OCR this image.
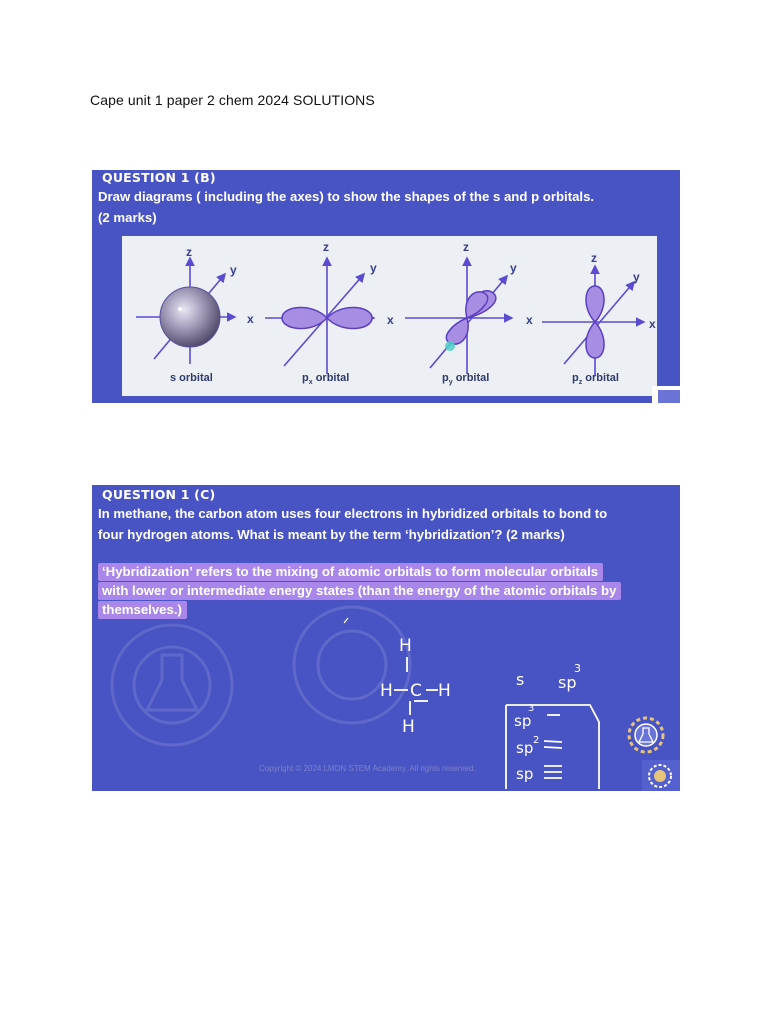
Cape unit 1 paper 2 chem 2024 SOLUTIONS
QUESTION 1 (B)
Draw diagrams ( including the axes) to show the shapes of the s and p orbitals.
(2 marks)
z
y
x
z
y
x
z
y
x
z
y
x
s orbital	$p_x$ orbital	$p_y$ orbital	$p_z$ orbital
QUESTION 1 (C)
In methane, the carbon atom uses four electrons in hybridized orbitals to bond to
four hydrogen atoms. What is meant by the term ‘hybridization’? (2 marks)
‘Hybridization’ refers to the mixing of atomic orbitals to form molecular orbitals
with lower or intermediate energy states (than the energy of the atomic orbitals by
themselves.)
H
H C H
H
s sp
3
sp
3
sp 2
sp
Copyright © 2024 LMDN STEM Academy. All rights reserved.
